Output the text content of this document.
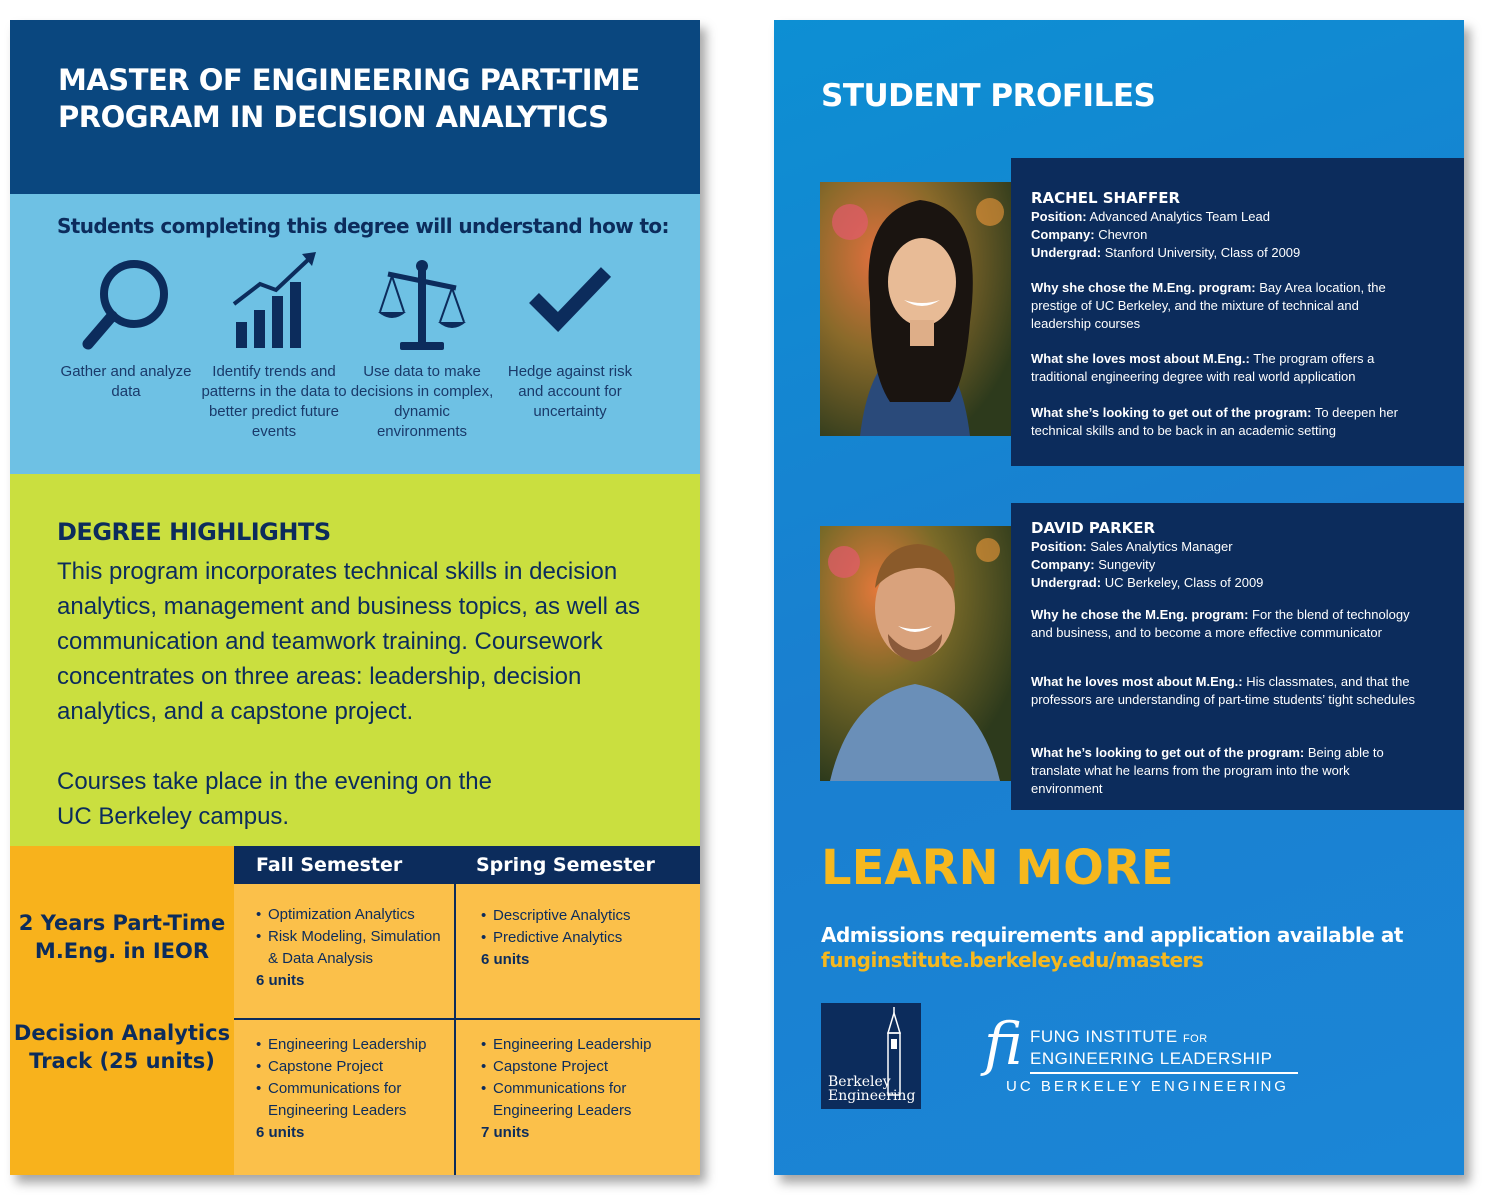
MASTER OF ENGINEERING PART-TIME PROGRAM IN DECISION ANALYTICS
Students completing this degree will understand how to:
Gather and analyze data
Identify trends and patterns in the data to better predict future events
Use data to make decisions in complex, dynamic environments
Hedge against risk and account for uncertainty
DEGREE HIGHLIGHTS

This program incorporates technical skills in decision analytics, management and business topics, as well as communication and teamwork training. Coursework concentrates on three areas: leadership, decision analytics, and a capstone project.

Courses take place in the evening on the UC Berkeley campus.

2 Years Part-Time M.Eng. in IEOR
Decision Analytics Track (25 units)
Fall Semester	Spring Semester
• Optimization Analytics
• Risk Modeling, Simulation & Data Analysis
6 units
• Descriptive Analytics
• Predictive Analytics
6 units
• Engineering Leadership
• Capstone Project
• Communications for Engineering Leaders
6 units
• Engineering Leadership
• Capstone Project
• Communications for Engineering Leaders
7 units
STUDENT PROFILES
RACHEL SHAFFER
Position: Advanced Analytics Team Lead
Company: Chevron
Undergrad: Stanford University, Class of 2009
Why she chose the M.Eng. program: Bay Area location, the prestige of UC Berkeley, and the mixture of technical and leadership courses
What she loves most about M.Eng.: The program offers a traditional engineering degree with real world application
What she’s looking to get out of the program: To deepen her technical skills and to be back in an academic setting
DAVID PARKER
Position: Sales Analytics Manager
Company: Sungevity
Undergrad: UC Berkeley, Class of 2009
Why he chose the M.Eng. program: For the blend of technology and business, and to become a more effective communicator
What he loves most about M.Eng.: His classmates, and that the professors are understanding of part-time students’ tight schedules
What he’s looking to get out of the program: Being able to translate what he learns from the program into the work environment
LEARN MORE
Admissions requirements and application available at
funginstitute.berkeley.edu/masters
Berkeley
Engineering
fi FUNG INSTITUTE FOR
ENGINEERING LEADERSHIP
UC BERKELEY ENGINEERING
